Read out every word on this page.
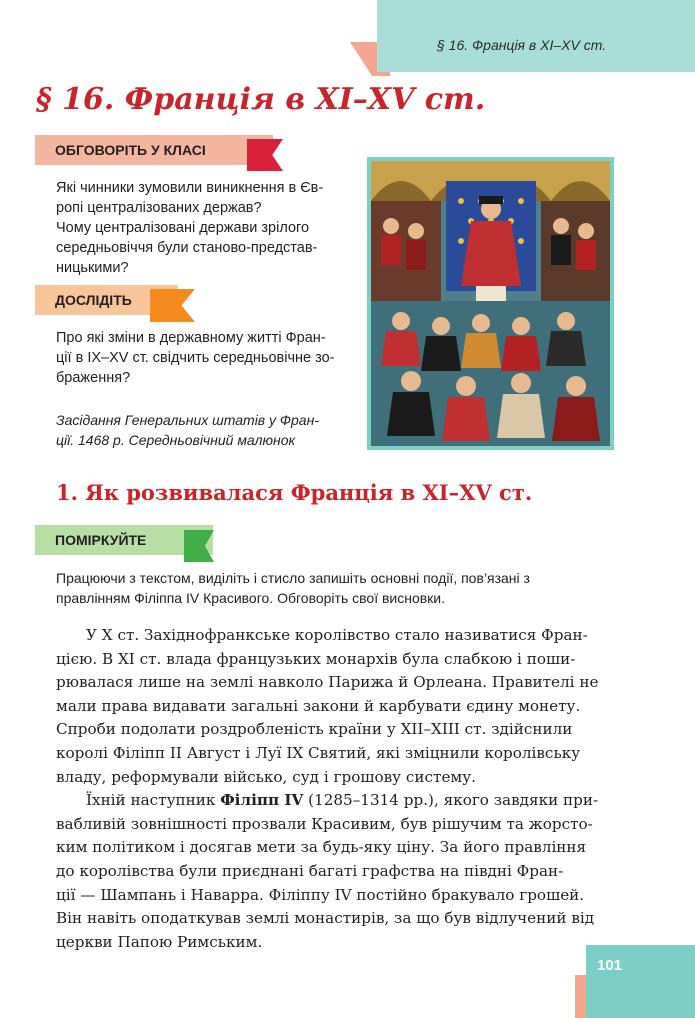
§ 16. Франція в ХІ–ХV ст.
§ 16. Франція в ХІ–ХV ст.
ОБГОВОРІТЬ У КЛАСІ
Які чинники зумовили виникнення в Єв-
ропі централізованих держав?
Чому централізовані держави зрілого
середньовіччя були станово-представ-
ницькими?
ДОСЛІДІТЬ
Про які зміни в державному житті Фран-
ції в ІХ–ХV ст. свідчить середньовічне зо-
браження?
Засідання Генеральних штатів у Фран-
ції. 1468 р. Середньовічний малюнок
1. Як розвивалася Франція в ХІ–ХV ст.
ПОМІРКУЙТЕ
Працюючи з текстом, виділіть і стисло запишіть основні події, пов’язані з
правлінням Філіппа IV Красивого. Обговоріть свої висновки.
У Х ст. Західнофранкське королівство стало називатися Фран-
цією. В ХІ ст. влада французьких монархів була слабкою і поши-
рювалася лише на землі навколо Парижа й Орлеана. Правителі не
мали права видавати загальні закони й карбувати єдину монету.
Спроби подолати роздробленість країни у ХІІ–ХІІІ ст. здійснили
королі Філіпп ІІ Август і Луї ІХ Святий, які зміцнили королівську
владу, реформували військо, суд і грошову систему.
Їхній наступник Філіпп IV (1285–1314 рр.), якого завдяки при-
вабливій зовнішності прозвали Красивим, був рішучим та жорсто-
ким політиком і досягав мети за будь-яку ціну. За його правління
до королівства були приєднані багаті графства на півдні Фран-
ції — Шампань і Наварра. Філіппу IV постійно бракувало грошей.
Він навіть оподаткував землі монастирів, за що був відлучений від
церкви Папою Римським.
101
